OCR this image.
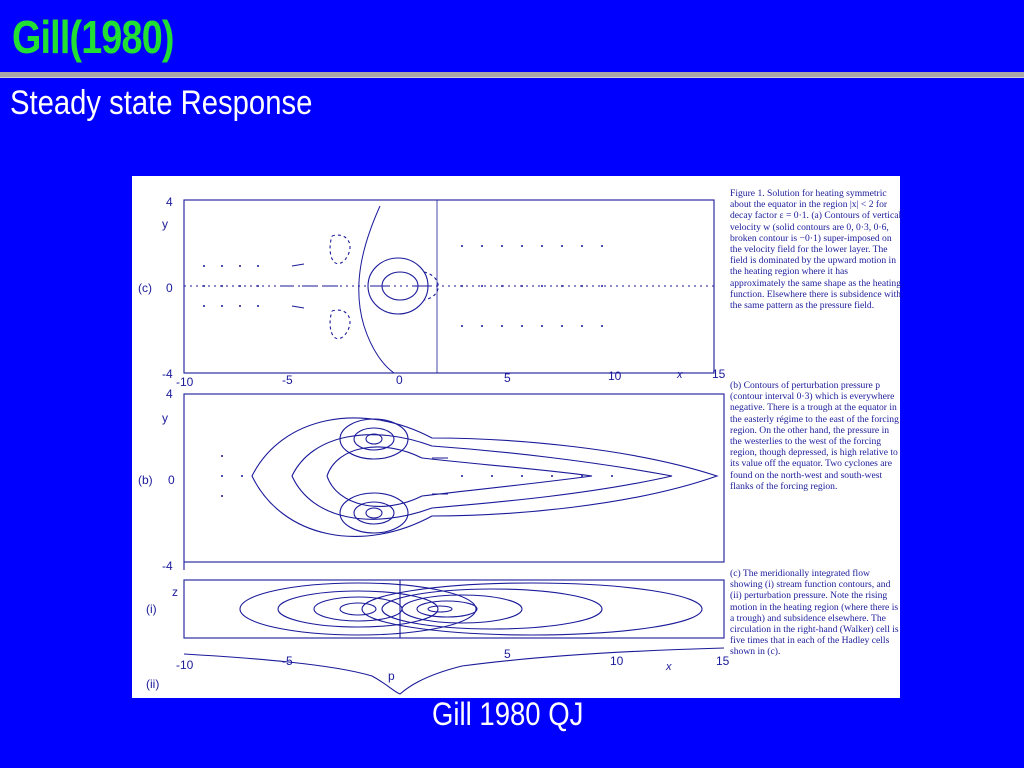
Gill(1980)
Steady state Response
y
(c)
4
0
-4
-10	-5	0	5	10	15
x
4
y
(b) 0
-4
z
(i)
(ii)
p
-10	-5	5	10	15
x
Figure 1. Solution for heating symmetric about the equator in the region |x| < 2 for decay factor ε = 0·1. (a) Contours of vertical velocity w (solid contours are 0, 0·3, 0·6, broken contour is −0·1) super-imposed on the velocity field for the lower layer. The field is dominated by the upward motion in the heating region where it has approximately the same shape as the heating function. Elsewhere there is subsidence with the same pattern as the pressure field.
(b) Contours of perturbation pressure p (contour interval 0·3) which is everywhere negative. There is a trough at the equator in the easterly régime to the east of the forcing region. On the other hand, the pressure in the westerlies to the west of the forcing region, though depressed, is high relative to its value off the equator. Two cyclones are found on the north-west and south-west flanks of the forcing region.
(c) The meridionally integrated flow showing (i) stream function contours, and (ii) perturbation pressure. Note the rising motion in the heating region (where there is a trough) and subsidence elsewhere. The circulation in the right-hand (Walker) cell is five times that in each of the Hadley cells shown in (c).
Gill 1980 QJ
